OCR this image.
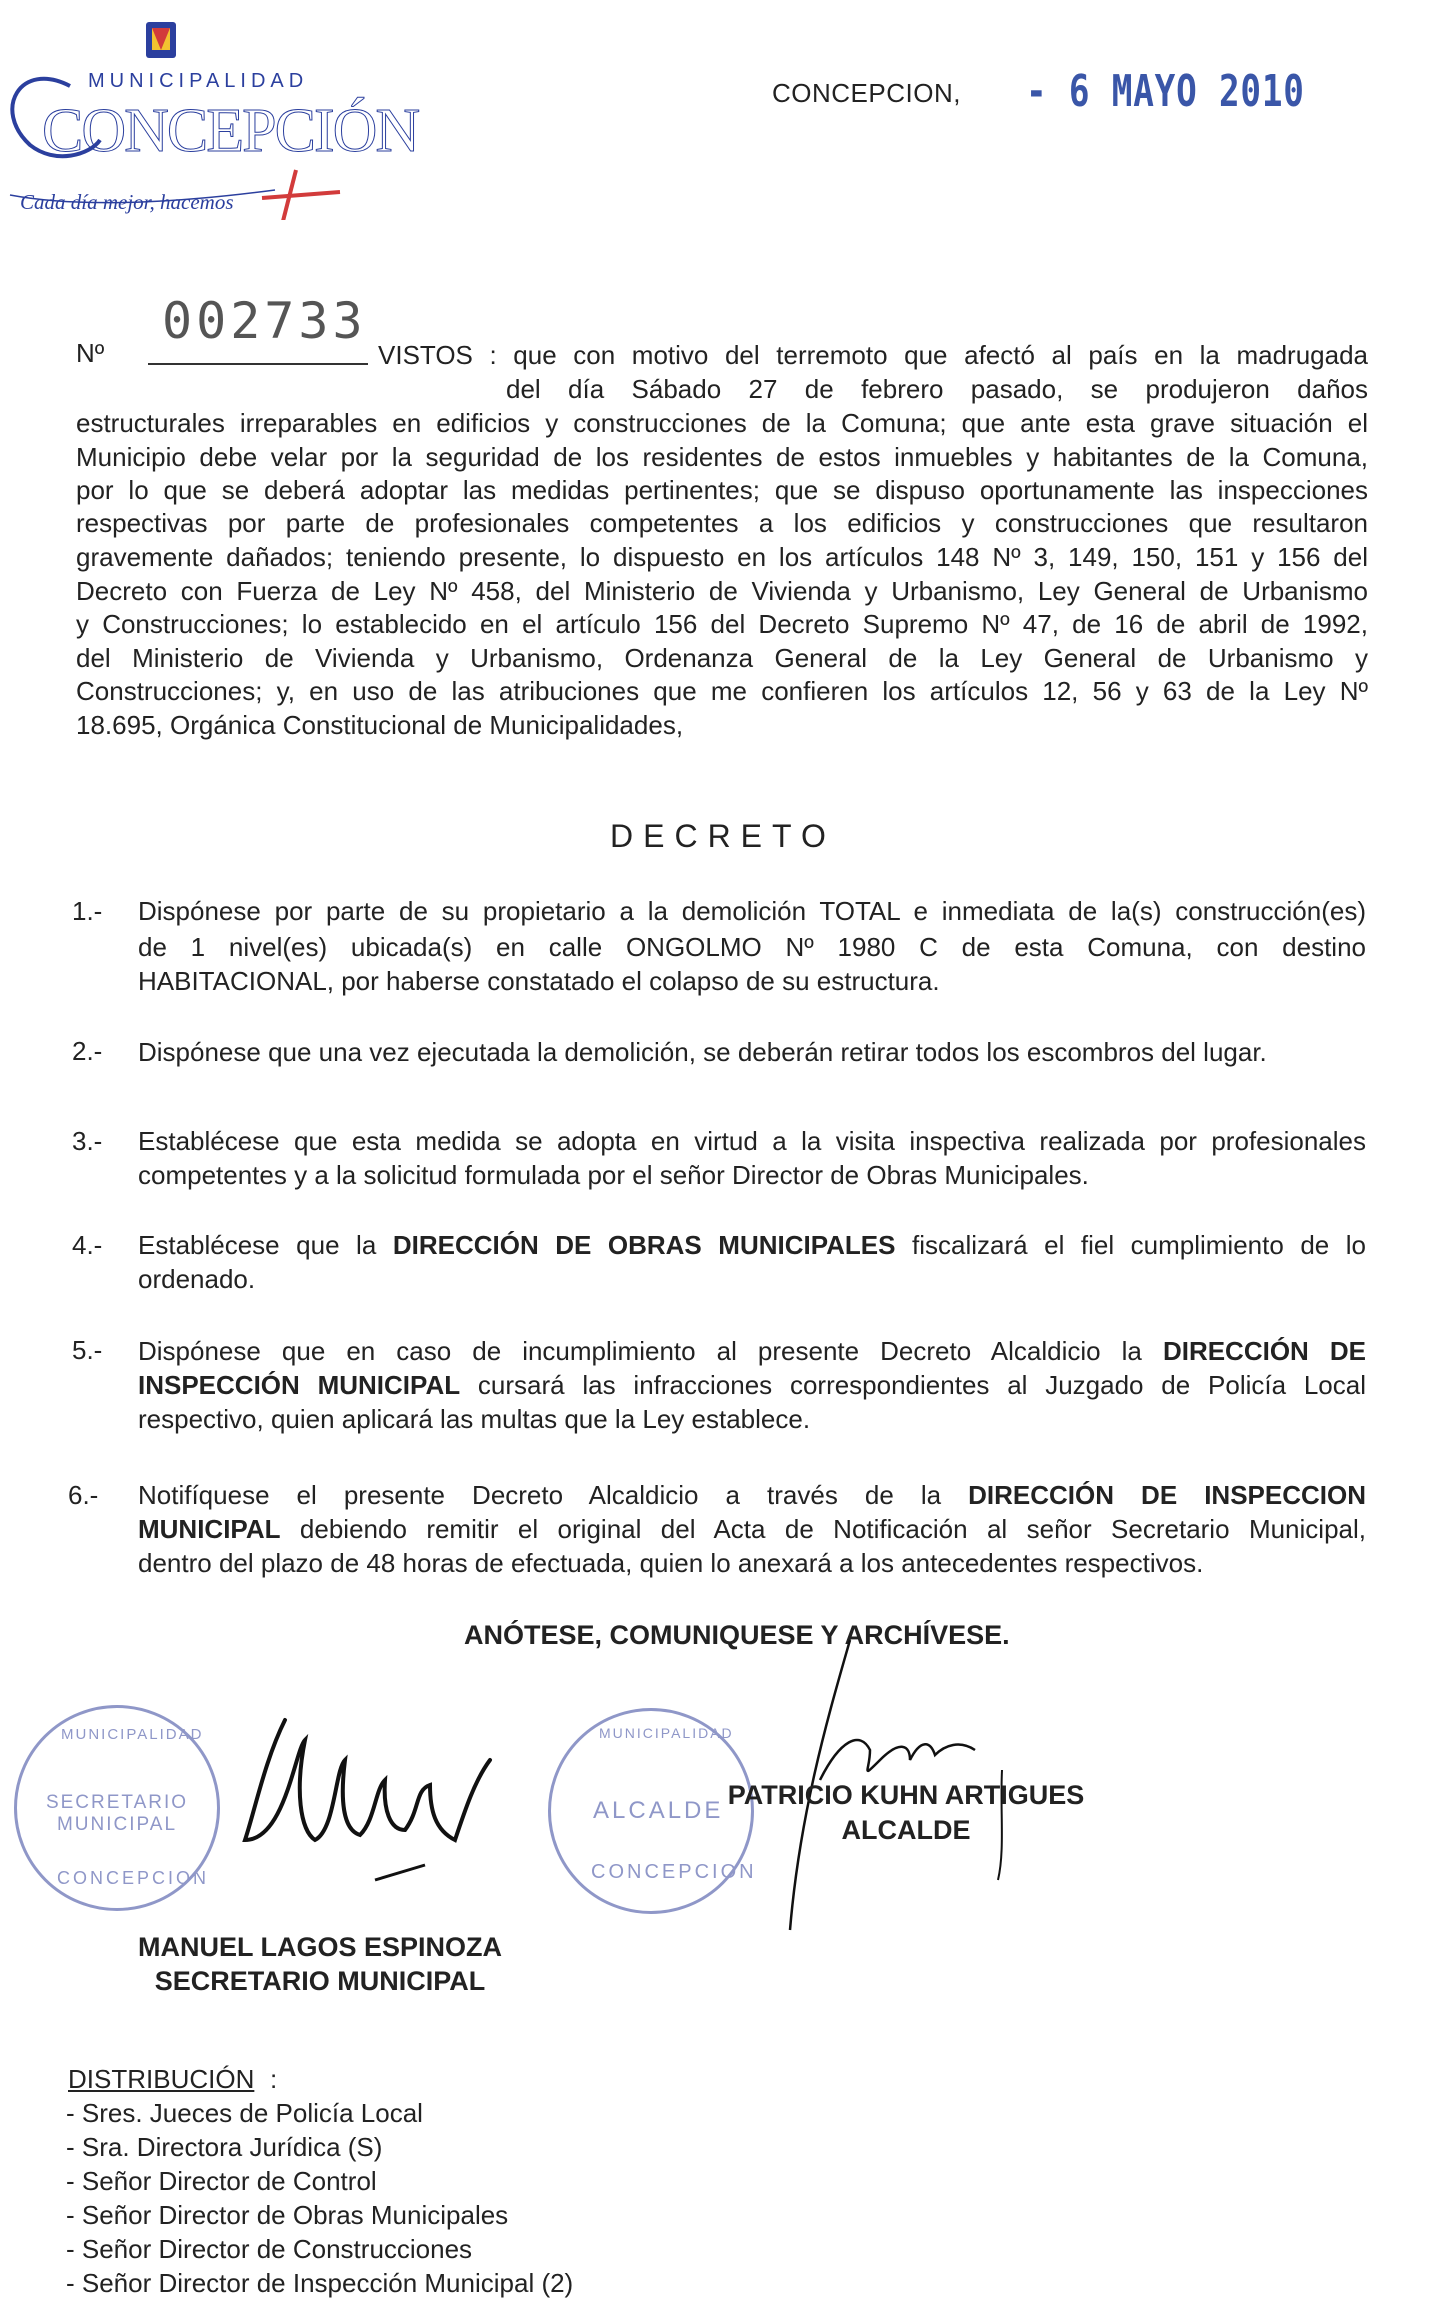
MUNICIPALIDAD
CONCEPCIÓN
Cada día mejor, hacemos
CONCEPCION, - 6 MAYO 2010
Nº
002733
VISTOS : que con motivo del terremoto que afectó al país en la madrugada
del día Sábado 27 de febrero pasado, se produjeron daños
estructurales irreparables en edificios y construcciones de la Comuna; que ante esta grave situación el
Municipio debe velar por la seguridad de los residentes de estos inmuebles y habitantes de la Comuna,
por lo que se deberá adoptar las medidas pertinentes; que se dispuso oportunamente las inspecciones
respectivas por parte de profesionales competentes a los edificios y construcciones que resultaron
gravemente dañados; teniendo presente, lo dispuesto en los artículos 148 Nº 3, 149, 150, 151 y 156 del
Decreto con Fuerza de Ley Nº 458, del Ministerio de Vivienda y Urbanismo, Ley General de Urbanismo
y Construcciones; lo establecido en el artículo 156 del Decreto Supremo Nº 47, de 16 de abril de 1992,
del Ministerio de Vivienda y Urbanismo, Ordenanza General de la Ley General de Urbanismo y
Construcciones; y, en uso de las atribuciones que me confieren los artículos 12, 56 y 63 de la Ley Nº
18.695, Orgánica Constitucional de Municipalidades,
DECRETO
1.- Dispónese por parte de su propietario a la demolición TOTAL e inmediata de la(s) construcción(es)
de 1 nivel(es) ubicada(s) en calle ONGOLMO Nº 1980 C de esta Comuna, con destino
HABITACIONAL, por haberse constatado el colapso de su estructura.
2.- Dispónese que una vez ejecutada la demolición, se deberán retirar todos los escombros del lugar.
3.- Establécese que esta medida se adopta en virtud a la visita inspectiva realizada por profesionales
competentes y a la solicitud formulada por el señor Director de Obras Municipales.
4.- Establécese que la DIRECCIÓN DE OBRAS MUNICIPALES fiscalizará el fiel cumplimiento de lo
ordenado.
5.- Dispónese que en caso de incumplimiento al presente Decreto Alcaldicio la DIRECCIÓN DE
INSPECCIÓN MUNICIPAL cursará las infracciones correspondientes al Juzgado de Policía Local
respectivo, quien aplicará las multas que la Ley establece.
6.- Notifíquese el presente Decreto Alcaldicio a través de la DIRECCIÓN DE INSPECCION
MUNICIPAL debiendo remitir el original del Acta de Notificación al señor Secretario Municipal,
dentro del plazo de 48 horas de efectuada, quien lo anexará a los antecedentes respectivos.
ANÓTESE, COMUNIQUESE Y ARCHÍVESE.
MUNICIPALIDAD
SECRETARIO MUNICIPAL
CONCEPCION
MUNICIPALIDAD
ALCALDE
CONCEPCION
PATRICIO KUHN ARTIGUES
ALCALDE
MANUEL LAGOS ESPINOZA
SECRETARIO MUNICIPAL
DISTRIBUCIÓN :
- Sres. Jueces de Policía Local
- Sra. Directora Jurídica (S)
- Señor Director de Control
- Señor Director de Obras Municipales
- Señor Director de Construcciones
- Señor Director de Inspección Municipal (2)
